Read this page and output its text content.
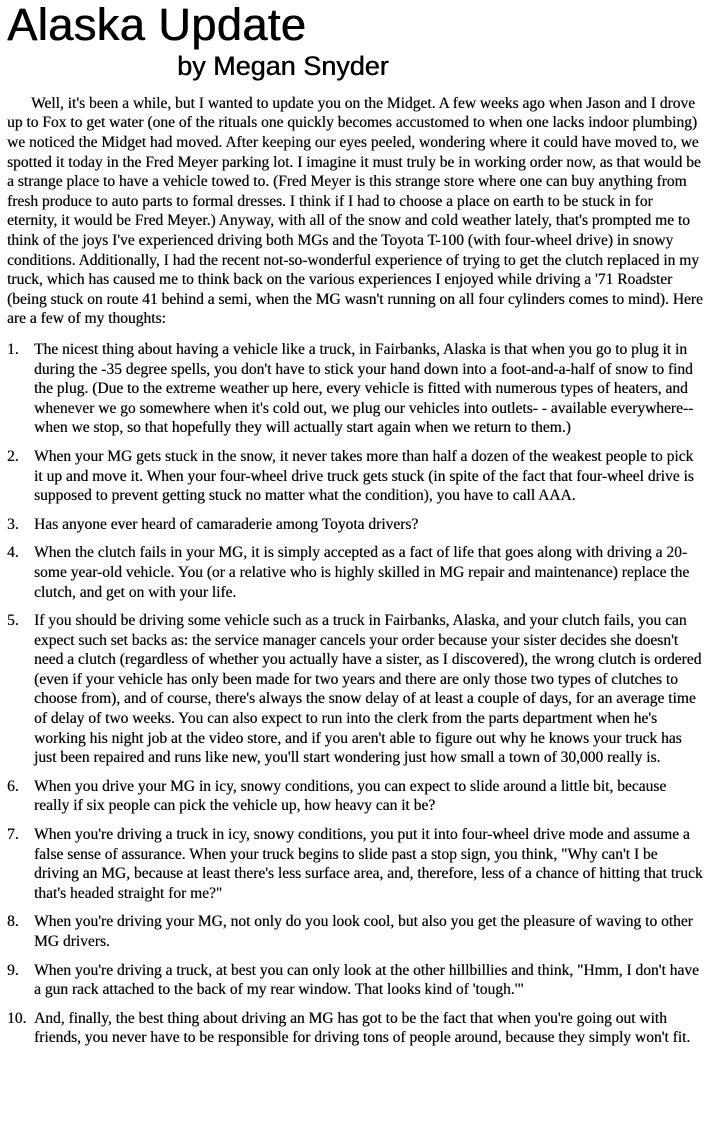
Alaska Update
by Megan Snyder

Well, it's been a while, but I wanted to update you on the Midget. A few weeks ago when Jason and I drove up to Fox to get water (one of the rituals one quickly becomes accustomed to when one lacks indoor plumbing) we noticed the Midget had moved. After keeping our eyes peeled, wondering where it could have moved to, we spotted it today in the Fred Meyer parking lot. I imagine it must truly be in working order now, as that would be a strange place to have a vehicle towed to. (Fred Meyer is this strange store where one can buy anything from fresh produce to auto parts to formal dresses. I think if I had to choose a place on earth to be stuck in for eternity, it would be Fred Meyer.) Anyway, with all of the snow and cold weather lately, that's prompted me to think of the joys I've experienced driving both MGs and the Toyota T-100 (with four-wheel drive) in snowy conditions. Additionally, I had the recent not-so-wonderful experience of trying to get the clutch replaced in my truck, which has caused me to think back on the various experiences I enjoyed while driving a '71 Roadster (being stuck on route 41 behind a semi, when the MG wasn't running on all four cylinders comes to mind). Here are a few of my thoughts:

1. The nicest thing about having a vehicle like a truck, in Fairbanks, Alaska is that when you go to plug it in during the -35 degree spells, you don't have to stick your hand down into a foot-and-a-half of snow to find the plug. (Due to the extreme weather up here, every vehicle is fitted with numerous types of heaters, and whenever we go somewhere when it's cold out, we plug our vehicles into outlets- - available everywhere-- when we stop, so that hopefully they will actually start again when we return to them.)
2. When your MG gets stuck in the snow, it never takes more than half a dozen of the weakest people to pick it up and move it. When your four-wheel drive truck gets stuck (in spite of the fact that four-wheel drive is supposed to prevent getting stuck no matter what the condition), you have to call AAA.
3. Has anyone ever heard of camaraderie among Toyota drivers?
4. When the clutch fails in your MG, it is simply accepted as a fact of life that goes along with driving a 20-some year-old vehicle. You (or a relative who is highly skilled in MG repair and maintenance) replace the clutch, and get on with your life.
5. If you should be driving some vehicle such as a truck in Fairbanks, Alaska, and your clutch fails, you can expect such set backs as: the service manager cancels your order because your sister decides she doesn't need a clutch (regardless of whether you actually have a sister, as I discovered), the wrong clutch is ordered (even if your vehicle has only been made for two years and there are only those two types of clutches to choose from), and of course, there's always the snow delay of at least a couple of days, for an average time of delay of two weeks. You can also expect to run into the clerk from the parts department when he's working his night job at the video store, and if you aren't able to figure out why he knows your truck has just been repaired and runs like new, you'll start wondering just how small a town of 30,000 really is.
6. When you drive your MG in icy, snowy conditions, you can expect to slide around a little bit, because really if six people can pick the vehicle up, how heavy can it be?
7. When you're driving a truck in icy, snowy conditions, you put it into four-wheel drive mode and assume a false sense of assurance. When your truck begins to slide past a stop sign, you think, "Why can't I be driving an MG, because at least there's less surface area, and, therefore, less of a chance of hitting that truck that's headed straight for me?"
8. When you're driving your MG, not only do you look cool, but also you get the pleasure of waving to other MG drivers.
9. When you're driving a truck, at best you can only look at the other hillbillies and think, "Hmm, I don't have a gun rack attached to the back of my rear window. That looks kind of 'tough.'"
10. And, finally, the best thing about driving an MG has got to be the fact that when you're going out with friends, you never have to be responsible for driving tons of people around, because they simply won't fit.
